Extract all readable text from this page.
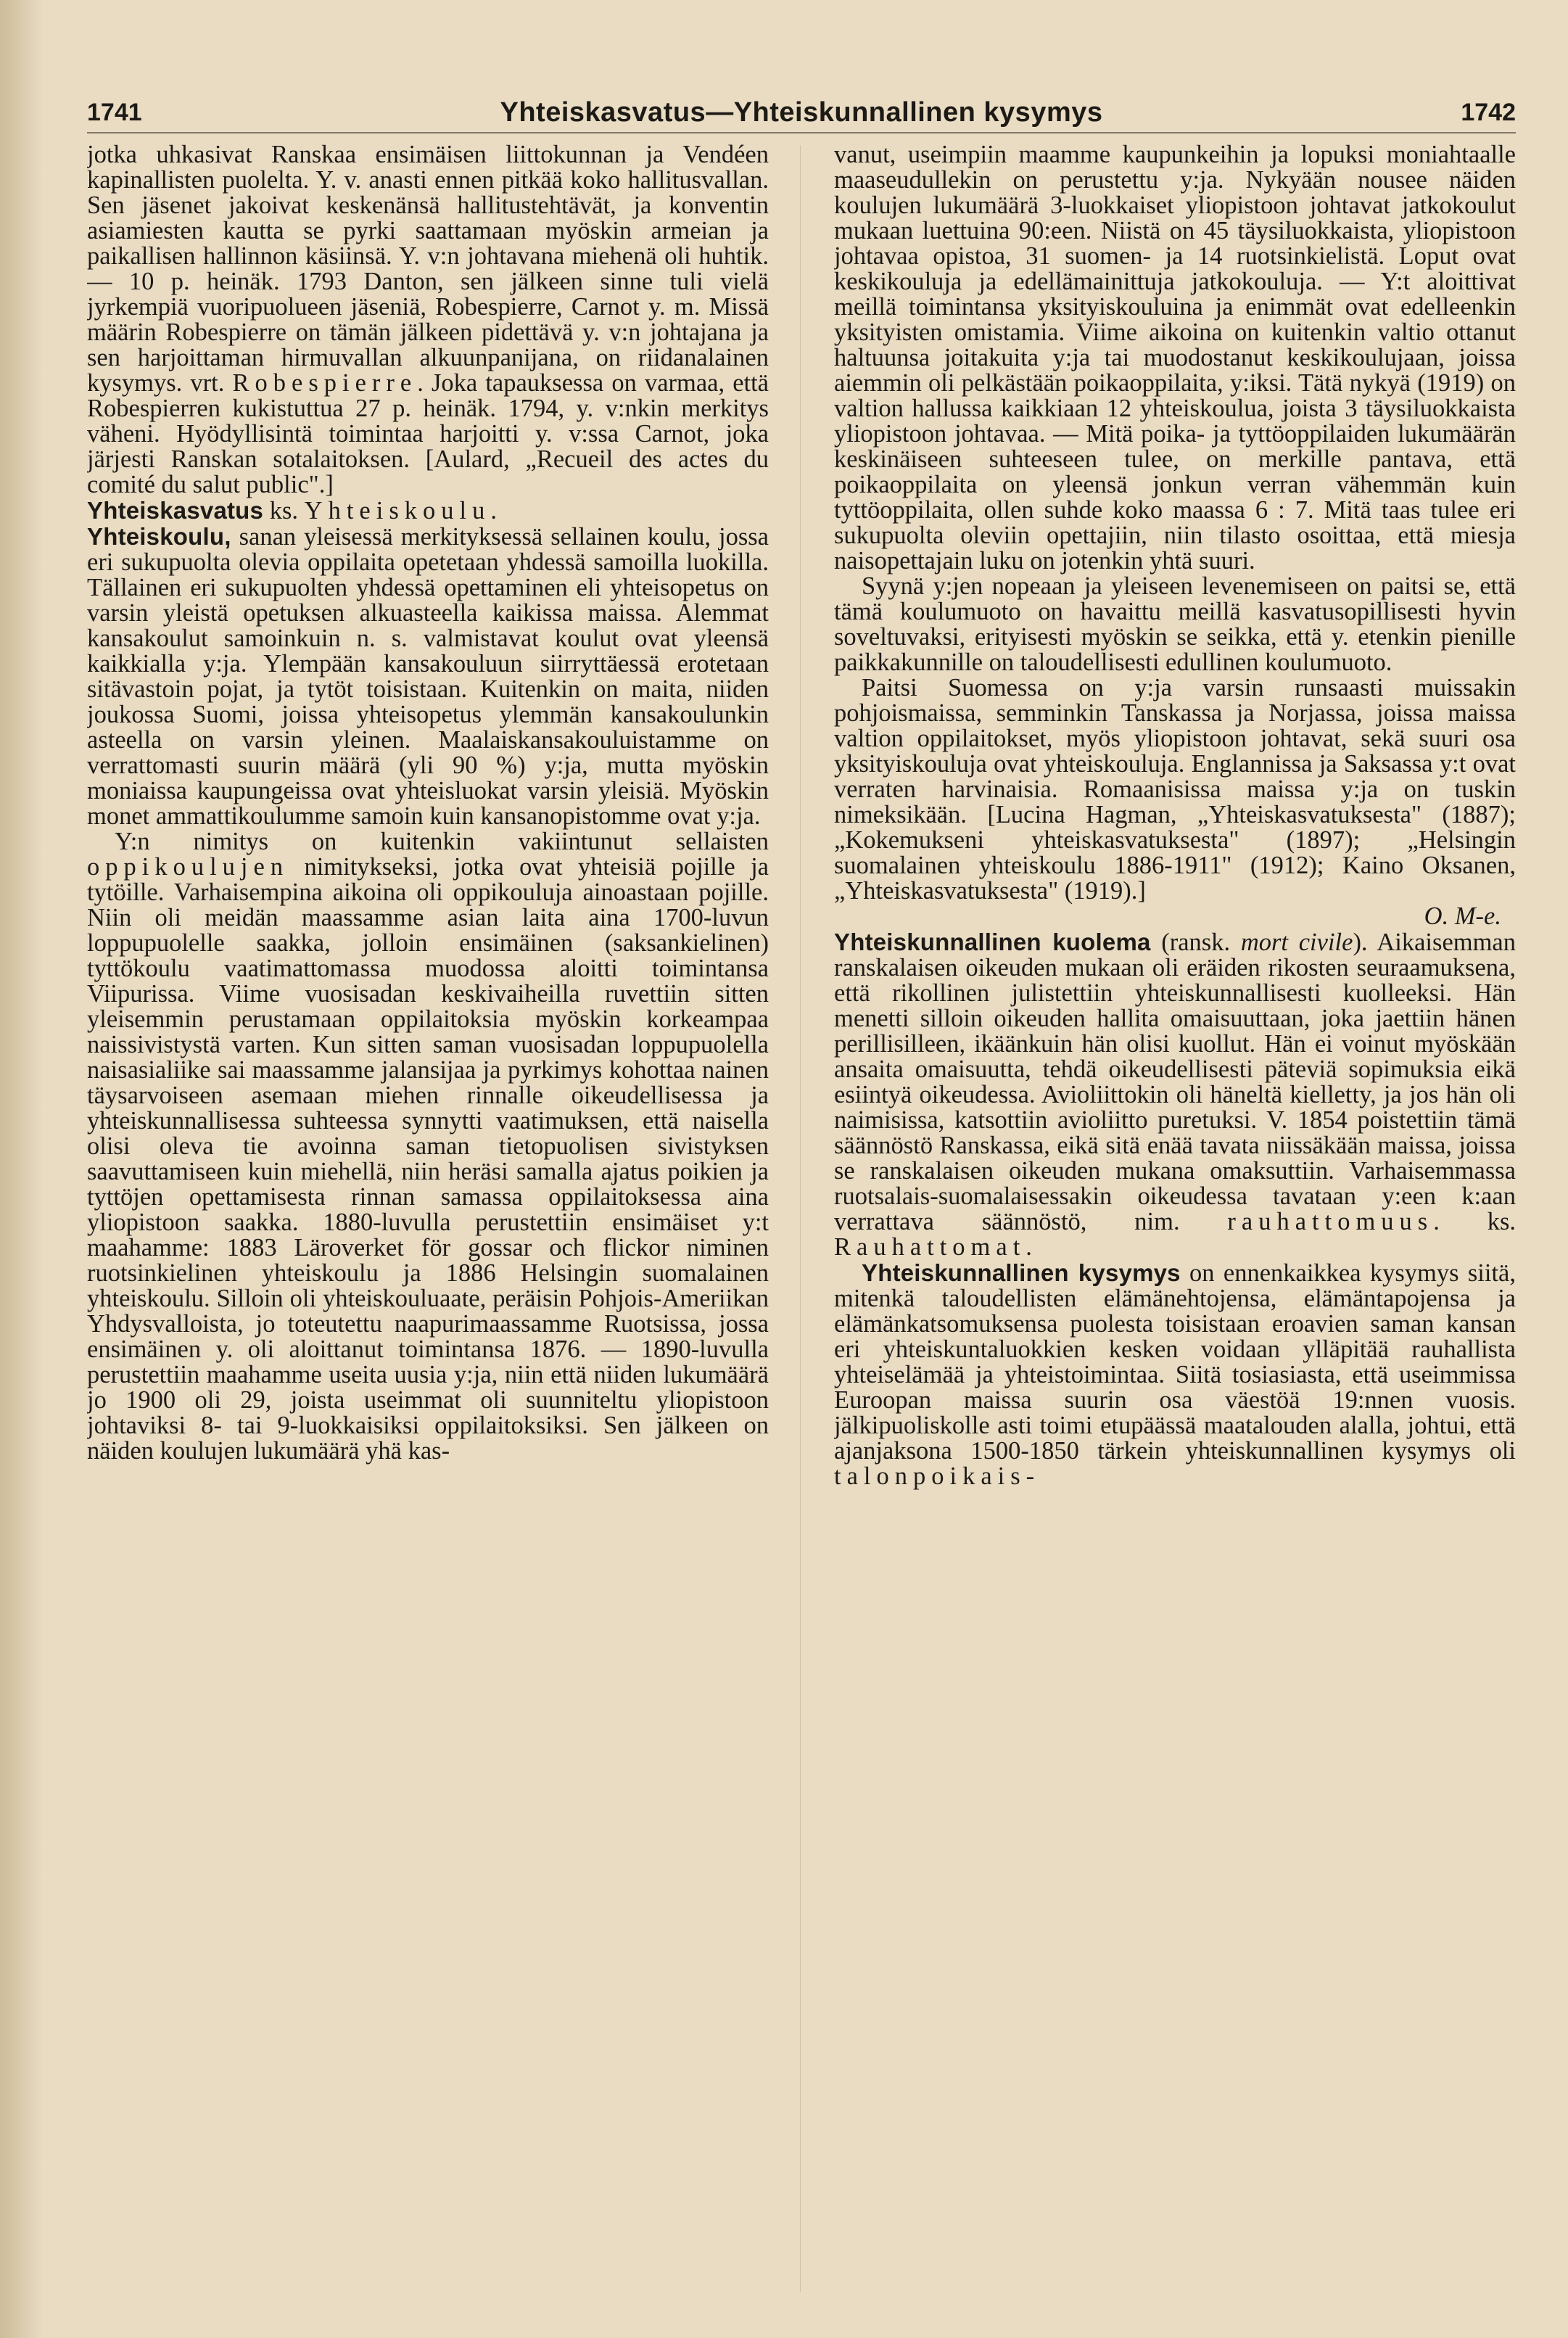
1741	Yhteiskasvatus—Yhteiskunnallinen kysymys	1742

jotka uhkasivat Ranskaa ensimäisen liittokunnan ja Vendéen kapinallisten puolelta. Y. v. anasti ennen pitkää koko hallitusvallan. Sen jäsenet jakoivat keskenänsä hallitustehtävät, ja konventin asiamiesten kautta se pyrki saattamaan myöskin armeian ja paikallisen hallinnon käsiinsä. Y. v:n johtavana miehenä oli huhtik. — 10 p. heinäk. 1793 Danton, sen jälkeen sinne tuli vielä jyrkempiä vuoripuolueen jäseniä, Robespierre, Carnot y. m. Missä määrin Robespierre on tämän jälkeen pidettävä y. v:n johtajana ja sen harjoittaman hirmuvallan alkuunpanijana, on riidanalainen kysymys. vrt. Robespierre. Joka tapauksessa on varmaa, että Robespierren kukistuttua 27 p. heinäk. 1794, y. v:nkin merkitys väheni. Hyödyllisintä toimintaa harjoitti y. v:ssa Carnot, joka järjesti Ranskan sotalaitoksen. [Aulard, „Recueil des actes du comité du salut public".]

Yhteiskasvatus ks. Yhteiskoulu.

Yhteiskoulu, sanan yleisessä merkityksessä sellainen koulu, jossa eri sukupuolta olevia oppilaita opetetaan yhdessä samoilla luokilla. Tällainen eri sukupuolten yhdessä opettaminen eli yhteisopetus on varsin yleistä opetuksen alkuasteella kaikissa maissa. Alemmat kansakoulut samoinkuin n. s. valmistavat koulut ovat yleensä kaikkialla y:ja. Ylempään kansakouluun siirryttäessä erotetaan sitävastoin pojat, ja tytöt toisistaan. Kuitenkin on maita, niiden joukossa Suomi, joissa yhteisopetus ylemmän kansakoulunkin asteella on varsin yleinen. Maalaiskansakouluistamme on verrattomasti suurin määrä (yli 90 %) y:ja, mutta myöskin moniaissa kaupungeissa ovat yhteisluokat varsin yleisiä. Myöskin monet ammattikoulumme samoin kuin kansanopistomme ovat y:ja.

Y:n nimitys on kuitenkin vakiintunut sellaisten oppikoulujen nimitykseksi, jotka ovat yhteisiä pojille ja tytöille. Varhaisempina aikoina oli oppikouluja ainoastaan pojille. Niin oli meidän maassamme asian laita aina 1700-luvun loppupuolelle saakka, jolloin ensimäinen (saksankielinen) tyttökoulu vaatimattomassa muodossa aloitti toimintansa Viipurissa. Viime vuosisadan keskivaiheilla ruvettiin sitten yleisemmin perustamaan oppilaitoksia myöskin korkeampaa naissivistystä varten. Kun sitten saman vuosisadan loppupuolella naisasialiike sai maassamme jalansijaa ja pyrkimys kohottaa nainen täysarvoiseen asemaan miehen rinnalle oikeudellisessa ja yhteiskunnallisessa suhteessa synnytti vaatimuksen, että naisella olisi oleva tie avoinna saman tietopuolisen sivistyksen saavuttamiseen kuin miehellä, niin heräsi samalla ajatus poikien ja tyttöjen opettamisesta rinnan samassa oppilaitoksessa aina yliopistoon saakka. 1880-luvulla perustettiin ensimäiset y:t maahamme: 1883 Läroverket för gossar och flickor niminen ruotsinkielinen yhteiskoulu ja 1886 Helsingin suomalainen yhteiskoulu. Silloin oli yhteiskouluaate, peräisin Pohjois-Ameriikan Yhdysvalloista, jo toteutettu naapurimaassamme Ruotsissa, jossa ensimäinen y. oli aloittanut toimintansa 1876. — 1890-luvulla perustettiin maahamme useita uusia y:ja, niin että niiden lukumäärä jo 1900 oli 29, joista useimmat oli suunniteltu yliopistoon johtaviksi 8- tai 9-luokkaisiksi oppilaitoksiksi. Sen jälkeen on näiden koulujen lukumäärä yhä kas-

vanut, useimpiin maamme kaupunkeihin ja lopuksi moniahtaalle maaseudullekin on perustettu y:ja. Nykyään nousee näiden koulujen lukumäärä 3-luokkaiset yliopistoon johtavat jatkokoulut mukaan luettuina 90:een. Niistä on 45 täysiluokkaista, yliopistoon johtavaa opistoa, 31 suomen- ja 14 ruotsinkielistä. Loput ovat keskikouluja ja edellämainittuja jatkokouluja. — Y:t aloittivat meillä toimintansa yksityiskouluina ja enimmät ovat edelleenkin yksityisten omistamia. Viime aikoina on kuitenkin valtio ottanut haltuunsa joitakuita y:ja tai muodostanut keskikoulujaan, joissa aiemmin oli pelkästään poikaoppilaita, y:iksi. Tätä nykyä (1919) on valtion hallussa kaikkiaan 12 yhteiskoulua, joista 3 täysiluokkaista yliopistoon johtavaa. — Mitä poika- ja tyttöoppilaiden lukumäärän keskinäiseen suhteeseen tulee, on merkille pantava, että poikaoppilaita on yleensä jonkun verran vähemmän kuin tyttöoppilaita, ollen suhde koko maassa 6 : 7. Mitä taas tulee eri sukupuolta oleviin opettajiin, niin tilasto osoittaa, että miesja naisopettajain luku on jotenkin yhtä suuri.

Syynä y:jen nopeaan ja yleiseen levenemiseen on paitsi se, että tämä koulumuoto on havaittu meillä kasvatusopillisesti hyvin soveltuvaksi, erityisesti myöskin se seikka, että y. etenkin pienille paikkakunnille on taloudellisesti edullinen koulumuoto.

Paitsi Suomessa on y:ja varsin runsaasti muissakin pohjoismaissa, semminkin Tanskassa ja Norjassa, joissa maissa valtion oppilaitokset, myös yliopistoon johtavat, sekä suuri osa yksityiskouluja ovat yhteiskouluja. Englannissa ja Saksassa y:t ovat verraten harvinaisia. Romaanisissa maissa y:ja on tuskin nimeksikään. [Lucina Hagman, „Yhteiskasvatuksesta" (1887); „Kokemukseni yhteiskasvatuksesta" (1897); „Helsingin suomalainen yhteiskoulu 1886-1911" (1912); Kaino Oksanen, „Yhteiskasvatuksesta" (1919).]

O. M-e.

Yhteiskunnallinen kuolema (ransk. mort civile). Aikaisemman ranskalaisen oikeuden mukaan oli eräiden rikosten seuraamuksena, että rikollinen julistettiin yhteiskunnallisesti kuolleeksi. Hän menetti silloin oikeuden hallita omaisuuttaan, joka jaettiin hänen perillisilleen, ikäänkuin hän olisi kuollut. Hän ei voinut myöskään ansaita omaisuutta, tehdä oikeudellisesti päteviä sopimuksia eikä esiintyä oikeudessa. Avioliittokin oli häneltä kielletty, ja jos hän oli naimisissa, katsottiin avioliitto puretuksi. V. 1854 poistettiin tämä säännöstö Ranskassa, eikä sitä enää tavata niissäkään maissa, joissa se ranskalaisen oikeuden mukana omaksuttiin. Varhaisemmassa ruotsalais-suomalaisessakin oikeudessa tavataan y:een k:aan verrattava säännöstö, nim. rauhattomuus. ks. Rauhattomat.

Yhteiskunnallinen kysymys on ennenkaikkea kysymys siitä, mitenkä taloudellisten elämänehtojensa, elämäntapojensa ja elämänkatsomuksensa puolesta toisistaan eroavien saman kansan eri yhteiskuntaluokkien kesken voidaan ylläpitää rauhallista yhteiselämää ja yhteistoimintaa. Siitä tosiasiasta, että useimmissa Euroopan maissa suurin osa väestöä 19:nnen vuosis. jälkipuoliskolle asti toimi etupäässä maatalouden alalla, johtui, että ajanjaksona 1500-1850 tärkein yhteiskunnallinen kysymys oli talonpoikais-
